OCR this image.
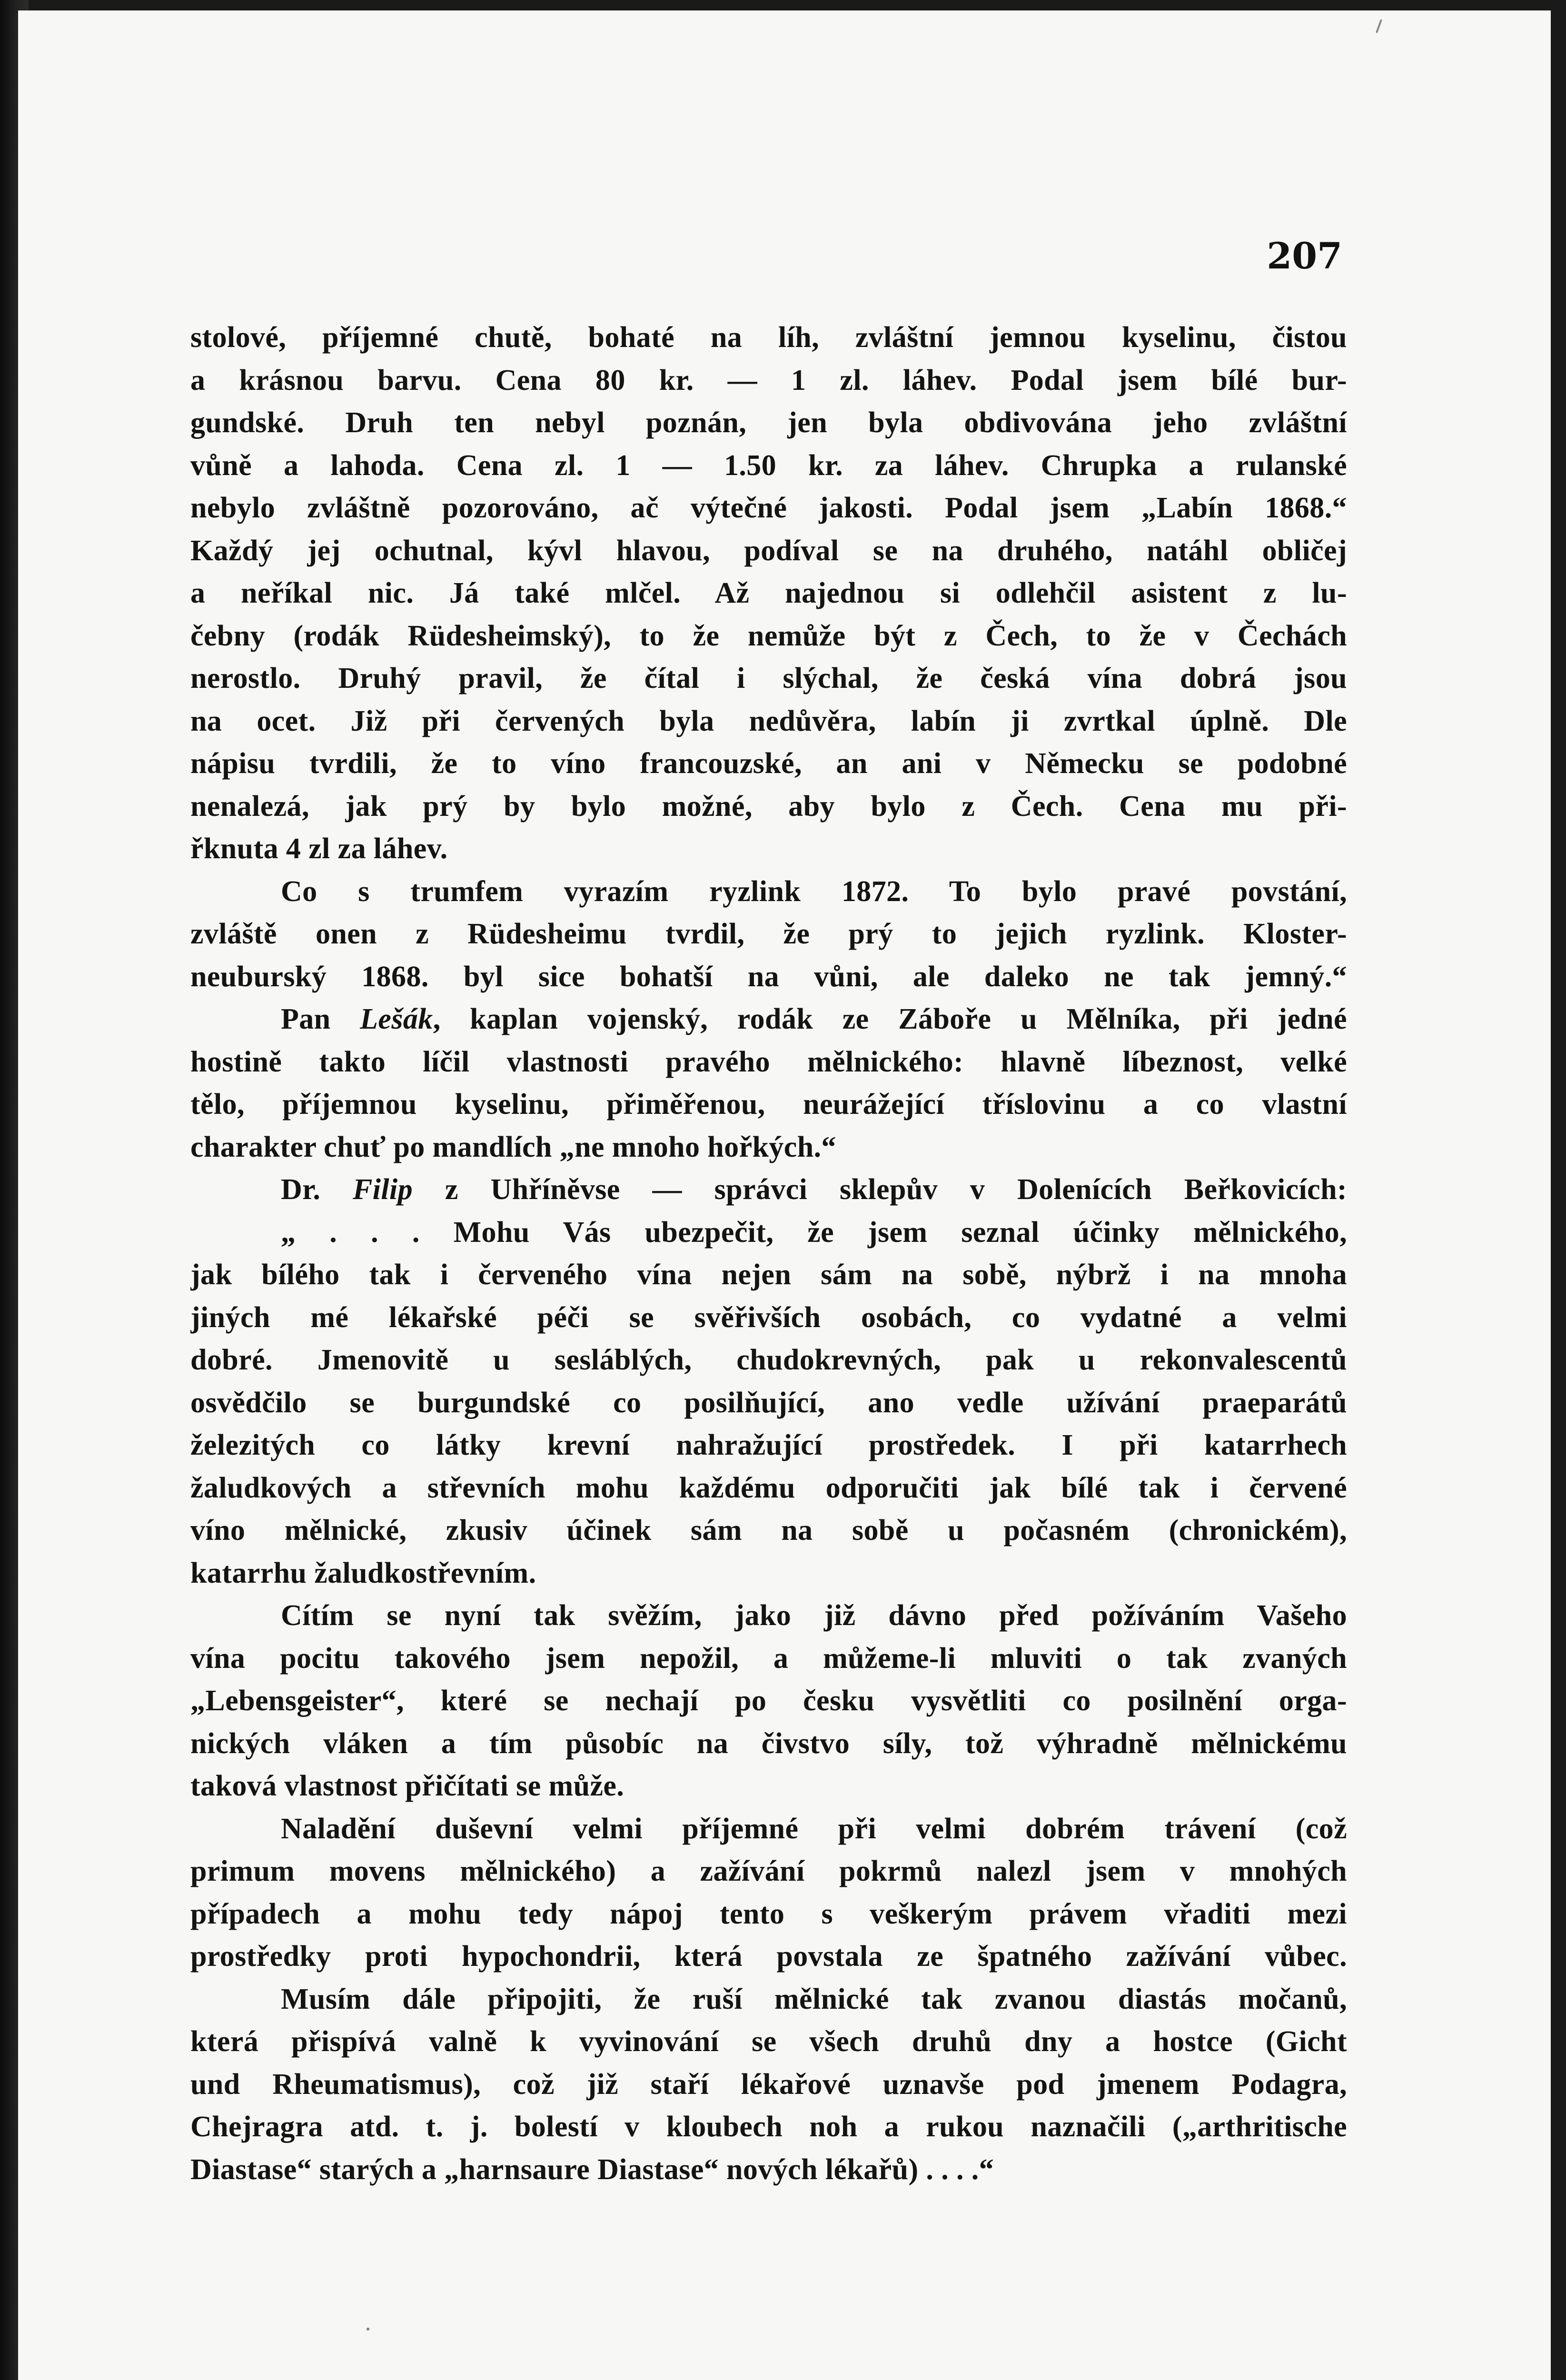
207
stolové, příjemné chutě, bohaté na líh, zvláštní jemnou kyselinu, čistou
a krásnou barvu. Cena 80 kr. — 1 zl. láhev. Podal jsem bílé bur-
gundské. Druh ten nebyl poznán, jen byla obdivována jeho zvláštní
vůně a lahoda. Cena zl. 1 — 1.50 kr. za láhev. Chrupka a rulanské
nebylo zvláštně pozorováno, ač výtečné jakosti. Podal jsem „Labín 1868.“
Každý jej ochutnal, kývl hlavou, podíval se na druhého, natáhl obličej
a neříkal nic. Já také mlčel. Až najednou si odlehčil asistent z lu-
čebny (rodák Rüdesheimský), to že nemůže být z Čech, to že v Čechách
nerostlo. Druhý pravil, že čítal i slýchal, že česká vína dobrá jsou
na ocet. Již při červených byla nedůvěra, labín ji zvrtkal úplně. Dle
nápisu tvrdili, že to víno francouzské, an ani v Německu se podobné
nenalezá, jak prý by bylo možné, aby bylo z Čech. Cena mu při-
řknuta 4 zl za láhev.
Co s trumfem vyrazím ryzlink 1872. To bylo pravé povstání,
zvláště onen z Rüdesheimu tvrdil, že prý to jejich ryzlink. Kloster-
neuburský 1868. byl sice bohatší na vůni, ale daleko ne tak jemný.“
Pan Lešák, kaplan vojenský, rodák ze Záboře u Mělníka, při jedné
hostině takto líčil vlastnosti pravého mělnického: hlavně líbeznost, velké
tělo, příjemnou kyselinu, přiměřenou, neurážející tříslovinu a co vlastní
charakter chuť po mandlích „ne mnoho hořkých.“
Dr. Filip z Uhříněvse — správci sklepův v Dolenících Beřkovicích:
„ . . . Mohu Vás ubezpečit, že jsem seznal účinky mělnického,
jak bílého tak i červeného vína nejen sám na sobě, nýbrž i na mnoha
jiných mé lékařské péči se svěřivších osobách, co vydatné a velmi
dobré. Jmenovitě u sesláblých, chudokrevných, pak u rekonvalescentů
osvědčilo se burgundské co posilňující, ano vedle užívání praeparátů
železitých co látky krevní nahražující prostředek. I při katarrhech
žaludkových a střevních mohu každému odporučiti jak bílé tak i červené
víno mělnické, zkusiv účinek sám na sobě u počasném (chronickém),
katarrhu žaludkostřevním.
Cítím se nyní tak svěžím, jako již dávno před požíváním Vašeho
vína pocitu takového jsem nepožil, a můžeme-li mluviti o tak zvaných
„Lebensgeister“, které se nechají po česku vysvětliti co posilnění orga-
nických vláken a tím působíc na čivstvo síly, tož výhradně mělnickému
taková vlastnost přičítati se může.
Naladění duševní velmi příjemné při velmi dobrém trávení (což
primum movens mělnického) a zažívání pokrmů nalezl jsem v mnohých
případech a mohu tedy nápoj tento s veškerým právem vřaditi mezi
prostředky proti hypochondrii, která povstala ze špatného zažívání vůbec.
Musím dále připojiti, že ruší mělnické tak zvanou diastás močanů,
která přispívá valně k vyvinování se všech druhů dny a hostce (Gicht
und Rheumatismus), což již staří lékařové uznavše pod jmenem Podagra,
Chejragra atd. t. j. bolestí v kloubech noh a rukou naznačili („arthritische
Diastase“ starých a „harnsaure Diastase“ nových lékařů) . . . .“
